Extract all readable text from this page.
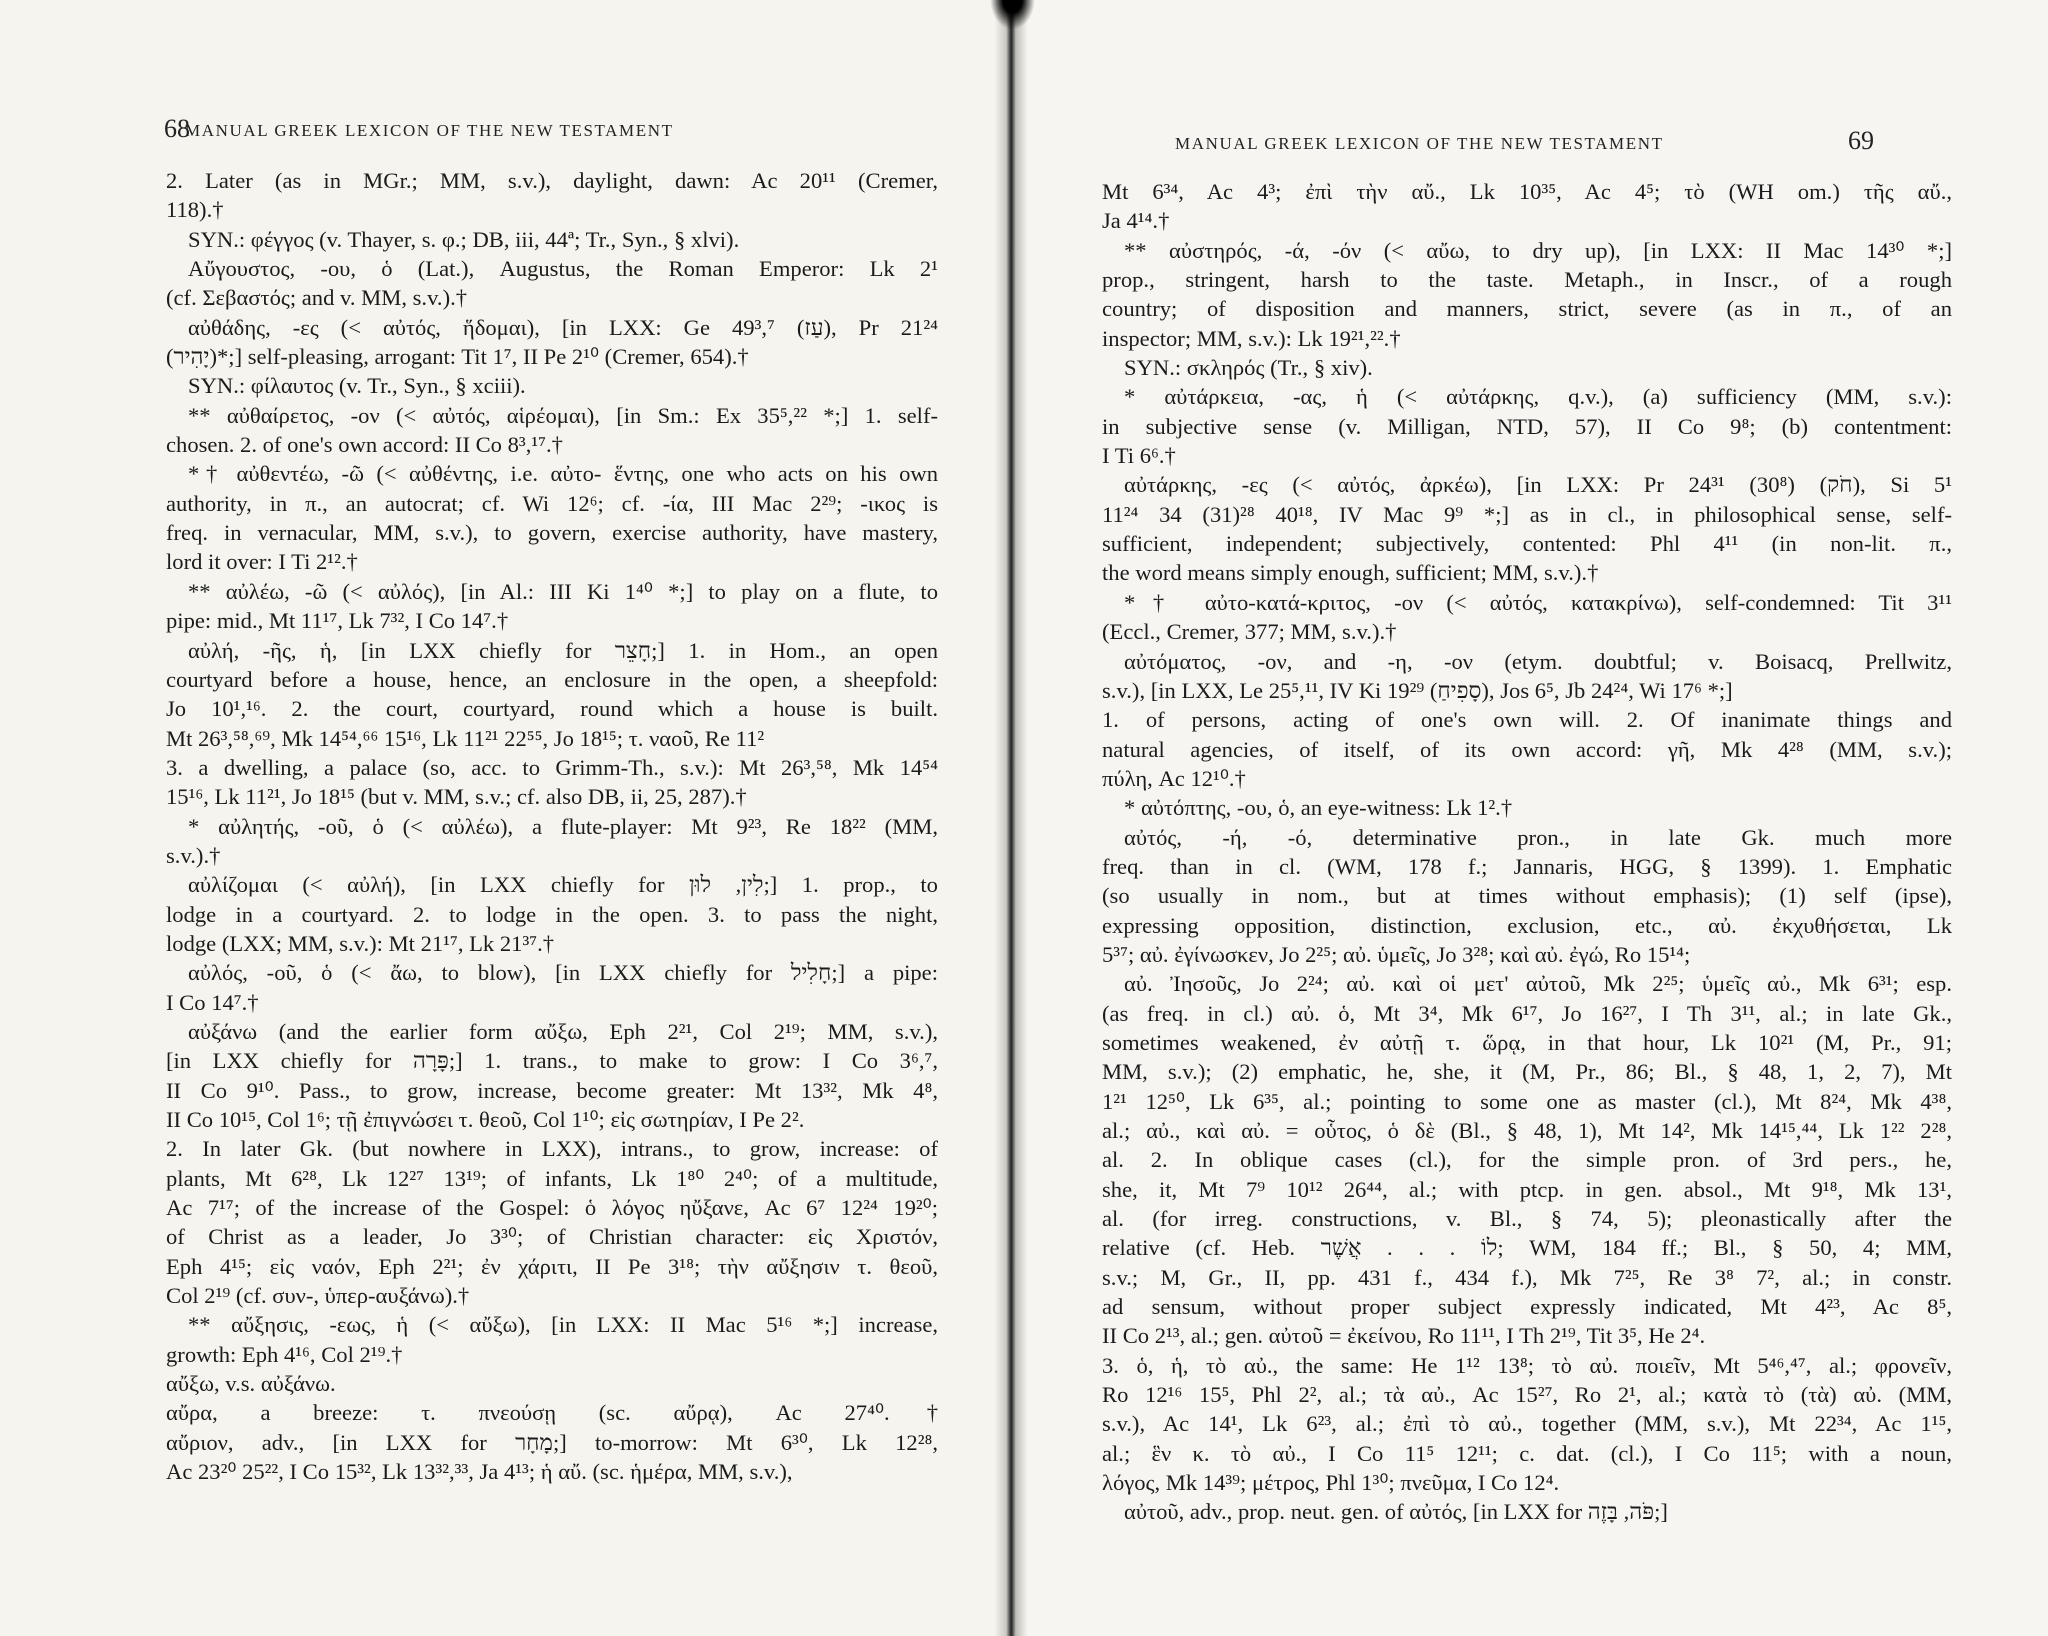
68
MANUAL GREEK LEXICON OF THE NEW TESTAMENT
2. Later (as in MGr.; MM, s.v.), daylight, dawn: Ac 20¹¹ (Cremer,
118).†
SYN.: φέγγος (v. Thayer, s. φ.; DB, iii, 44ª; Tr., Syn., § xlvi).
Αὔγουστος, -ου, ὁ (Lat.), Augustus, the Roman Emperor: Lk 2¹
(cf. Σεβαστός; and v. MM, s.v.).†
αὐθάδης, -ες (< αὐτός, ἥδομαι), [in LXX: Ge 49³,⁷ (עַז), Pr 21²⁴
(יָהִיר)*;] self-pleasing, arrogant: Tit 1⁷, II Pe 2¹⁰ (Cremer, 654).†
SYN.: φίλαυτος (v. Tr., Syn., § xciii).
** αὐθαίρετος, -ον (< αὐτός, αἱρέομαι), [in Sm.: Ex 35⁵,²² *;] 1. self-
chosen. 2. of one's own accord: II Co 8³,¹⁷.†
*† αὐθεντέω, -ῶ (< αὐθέντης, i.e. αὐτο- ἕντης, one who acts on his own
authority, in π., an autocrat; cf. Wi 12⁶; cf. -ία, III Mac 2²⁹; -ικος is
freq. in vernacular, MM, s.v.), to govern, exercise authority, have mastery,
lord it over: I Ti 2¹².†
** αὐλέω, -ῶ (< αὐλός), [in Al.: III Ki 1⁴⁰ *;] to play on a flute, to
pipe: mid., Mt 11¹⁷, Lk 7³², I Co 14⁷.†
αὐλή, -ῆς, ἡ, [in LXX chiefly for חָצֵר;] 1. in Hom., an open
courtyard before a house, hence, an enclosure in the open, a sheepfold:
Jo 10¹,¹⁶. 2. the court, courtyard, round which a house is built.
Mt 26³,⁵⁸,⁶⁹, Mk 14⁵⁴,⁶⁶ 15¹⁶, Lk 11²¹ 22⁵⁵, Jo 18¹⁵; τ. ναοῦ, Re 11²
3. a dwelling, a palace (so, acc. to Grimm-Th., s.v.): Mt 26³,⁵⁸, Mk 14⁵⁴
15¹⁶, Lk 11²¹, Jo 18¹⁵ (but v. MM, s.v.; cf. also DB, ii, 25, 287).†
* αὐλητής, -οῦ, ὁ (< αὐλέω), a flute-player: Mt 9²³, Re 18²² (MM,
s.v.).†
αὐλίζομαι (< αὐλή), [in LXX chiefly for לִין, לוּן;] 1. prop., to
lodge in a courtyard. 2. to lodge in the open. 3. to pass the night,
lodge (LXX; MM, s.v.): Mt 21¹⁷, Lk 21³⁷.†
αὐλός, -οῦ, ὁ (< ἄω, to blow), [in LXX chiefly for חָלִיל;] a pipe:
I Co 14⁷.†
αὐξάνω (and the earlier form αὔξω, Eph 2²¹, Col 2¹⁹; MM, s.v.),
[in LXX chiefly for פָּרָה;] 1. trans., to make to grow: I Co 3⁶,⁷,
II Co 9¹⁰. Pass., to grow, increase, become greater: Mt 13³², Mk 4⁸,
II Co 10¹⁵, Col 1⁶; τῇ ἐπιγνώσει τ. θεοῦ, Col 1¹⁰; εἰς σωτηρίαν, I Pe 2².
2. In later Gk. (but nowhere in LXX), intrans., to grow, increase: of
plants, Mt 6²⁸, Lk 12²⁷ 13¹⁹; of infants, Lk 1⁸⁰ 2⁴⁰; of a multitude,
Ac 7¹⁷; of the increase of the Gospel: ὁ λόγος ηὔξανε, Ac 6⁷ 12²⁴ 19²⁰;
of Christ as a leader, Jo 3³⁰; of Christian character: εἰς Χριστόν,
Eph 4¹⁵; εἰς ναόν, Eph 2²¹; ἐν χάριτι, II Pe 3¹⁸; τὴν αὔξησιν τ. θεοῦ,
Col 2¹⁹ (cf. συν-, ὑπερ-αυξάνω).†
** αὔξησις, -εως, ἡ (< αὔξω), [in LXX: II Mac 5¹⁶ *;] increase,
growth: Eph 4¹⁶, Col 2¹⁹.†
αὔξω, v.s. αὐξάνω.
αὔρα, a breeze: τ. πνεούσῃ (sc. αὔρᾳ), Ac 27⁴⁰.†
αὔριον, adv., [in LXX for מָחָר;] to-morrow: Mt 6³⁰, Lk 12²⁸,
Ac 23²⁰ 25²², I Co 15³², Lk 13³²,³³, Ja 4¹³; ἡ αὔ. (sc. ἡμέρα, MM, s.v.),
MANUAL GREEK LEXICON OF THE NEW TESTAMENT	69
Mt 6³⁴, Ac 4³; ἐπὶ τὴν αὔ., Lk 10³⁵, Ac 4⁵; τὸ (WH om.) τῆς αὔ.,
Ja 4¹⁴.†
** αὐστηρός, -ά, -όν (< αὔω, to dry up), [in LXX: II Mac 14³⁰ *;]
prop., stringent, harsh to the taste. Metaph., in Inscr., of a rough
country; of disposition and manners, strict, severe (as in π., of an
inspector; MM, s.v.): Lk 19²¹,²².†
SYN.: σκληρός (Tr., § xiv).
* αὐτάρκεια, -ας, ἡ (< αὐτάρκης, q.v.), (a) sufficiency (MM, s.v.):
in subjective sense (v. Milligan, NTD, 57), II Co 9⁸; (b) contentment:
I Ti 6⁶.†
αὐτάρκης, -ες (< αὐτός, ἀρκέω), [in LXX: Pr 24³¹ (30⁸) (חֹק), Si 5¹
11²⁴ 34 (31)²⁸ 40¹⁸, IV Mac 9⁹ *;] as in cl., in philosophical sense, self-
sufficient, independent; subjectively, contented: Phl 4¹¹ (in non-lit. π.,
the word means simply enough, sufficient; MM, s.v.).†
*† αὐτο-κατά-κριτος, -ον (< αὐτός, κατακρίνω), self-condemned: Tit 3¹¹
(Eccl., Cremer, 377; MM, s.v.).†
αὐτόματος, -ον, and -η, -ον (etym. doubtful; v. Boisacq, Prellwitz,
s.v.), [in LXX, Le 25⁵,¹¹, IV Ki 19²⁹ (סָפִיחַ), Jos 6⁵, Jb 24²⁴, Wi 17⁶ *;]
1. of persons, acting of one's own will. 2. Of inanimate things and
natural agencies, of itself, of its own accord: γῆ, Mk 4²⁸ (MM, s.v.);
πύλη, Ac 12¹⁰.†
* αὐτόπτης, -ου, ὁ, an eye-witness: Lk 1².†
αὐτός, -ή, -ό, determinative pron., in late Gk. much more
freq. than in cl. (WM, 178 f.; Jannaris, HGG, § 1399). 1. Emphatic
(so usually in nom., but at times without emphasis); (1) self (ipse),
expressing opposition, distinction, exclusion, etc., αὐ. ἐκχυθήσεται, Lk
5³⁷; αὐ. ἐγίνωσκεν, Jo 2²⁵; αὐ. ὑμεῖς, Jo 3²⁸; καὶ αὐ. ἐγώ, Ro 15¹⁴;
αὐ. Ἰησοῦς, Jo 2²⁴; αὐ. καὶ οἱ μετ' αὐτοῦ, Mk 2²⁵; ὑμεῖς αὐ., Mk 6³¹; esp.
(as freq. in cl.) αὐ. ὁ, Mt 3⁴, Mk 6¹⁷, Jo 16²⁷, I Th 3¹¹, al.; in late Gk.,
sometimes weakened, ἐν αὐτῇ τ. ὥρᾳ, in that hour, Lk 10²¹ (M, Pr., 91;
MM, s.v.); (2) emphatic, he, she, it (M, Pr., 86; Bl., § 48, 1, 2, 7), Mt
1²¹ 12⁵⁰, Lk 6³⁵, al.; pointing to some one as master (cl.), Mt 8²⁴, Mk 4³⁸,
al.; αὐ., καὶ αὐ. = οὗτος, ὁ δὲ (Bl., § 48, 1), Mt 14², Mk 14¹⁵,⁴⁴, Lk 1²² 2²⁸,
al. 2. In oblique cases (cl.), for the simple pron. of 3rd pers., he,
she, it, Mt 7⁹ 10¹² 26⁴⁴, al.; with ptcp. in gen. absol., Mt 9¹⁸, Mk 13¹,
al. (for irreg. constructions, v. Bl., § 74, 5); pleonastically after the
relative (cf. Heb. לוֹ . . . אֲשֶׁר; WM, 184 ff.; Bl., § 50, 4; MM,
s.v.; M, Gr., II, pp. 431 f., 434 f.), Mk 7²⁵, Re 3⁸ 7², al.; in constr.
ad sensum, without proper subject expressly indicated, Mt 4²³, Ac 8⁵,
II Co 2¹³, al.; gen. αὐτοῦ = ἐκείνου, Ro 11¹¹, I Th 2¹⁹, Tit 3⁵, He 2⁴.
3. ὁ, ἡ, τὸ αὐ., the same: He 1¹² 13⁸; τὸ αὐ. ποιεῖν, Mt 5⁴⁶,⁴⁷, al.; φρονεῖν,
Ro 12¹⁶ 15⁵, Phl 2², al.; τὰ αὐ., Ac 15²⁷, Ro 2¹, al.; κατὰ τὸ (τὰ) αὐ. (MM,
s.v.), Ac 14¹, Lk 6²³, al.; ἐπὶ τὸ αὐ., together (MM, s.v.), Mt 22³⁴, Ac 1¹⁵,
al.; ἓν κ. τὸ αὐ., I Co 11⁵ 12¹¹; c. dat. (cl.), I Co 11⁵; with a noun,
λόγος, Mk 14³⁹; μέτρος, Phl 1³⁰; πνεῦμα, I Co 12⁴.
αὐτοῦ, adv., prop. neut. gen. of αὐτός, [in LXX for פֹּה, בָּזֶה;]
